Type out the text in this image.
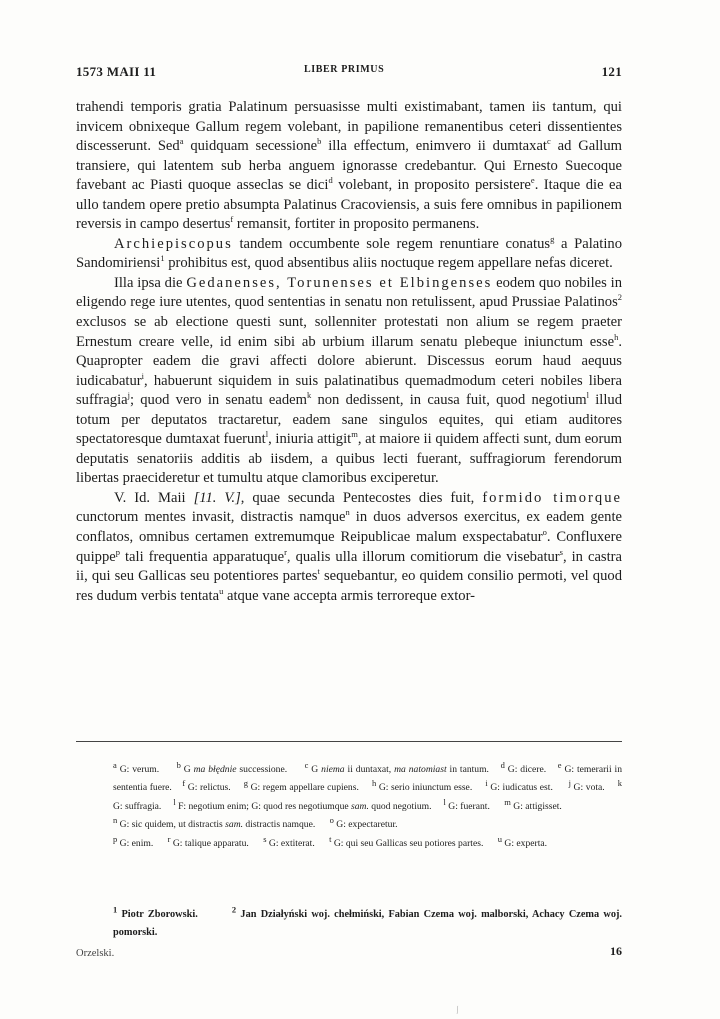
1573 MAII 11	LIBER PRIMUS	121

trahendi temporis gratia Palatinum persuasisse multi existimabant, tamen iis tantum, qui invicem obnixeque Gallum regem volebant, in papilione remanentibus ceteri dissentientes discesserunt. Sed$^a$ quidquam secessione$^b$ illa effectum, enimvero ii dumtaxat$^c$ ad Gallum transiere, qui latentem sub herba anguem ignorasse credebantur. Qui Ernesto Suecoque favebant ac Piasti quoque asseclas se dici$^d$ volebant, in proposito persistere$^e$. Itaque die ea ullo tandem opere pretio absumpta Palatinus Cracoviensis, a suis fere omnibus in papilionem reversis in campo desertus$^f$ remansit, fortiter in proposito permanens.

Archiepiscopus tandem occumbente sole regem renuntiare conatus$^g$ a Palatino Sandomiriensi$^1$ prohibitus est, quod absentibus aliis noctuque regem appellare nefas diceret.

Illa ipsa die Gedanenses, Torunenses et Elbingenses eodem quo nobiles in eligendo rege iure utentes, quod sententias in senatu non retulissent, apud Prussiae Palatinos$^2$ exclusos se ab electione questi sunt, sollenniter protestati non alium se regem praeter Ernestum creare velle, id enim sibi ab urbium illarum senatu plebeque iniunctum esse$^h$. Quapropter eadem die gravi affecti dolore abierunt. Discessus eorum haud aequus iudicabatur$^i$, habuerunt siquidem in suis palatinatibus quemadmodum ceteri nobiles libera suffragia$^j$; quod vero in senatu eadem$^k$ non dedissent, in causa fuit, quod negotium$^l$ illud totum per deputatos tractaretur, eadem sane singulos equites, qui etiam auditores spectatoresque dumtaxat fuerunt$^l$, iniuria attigit$^m$, at maiore ii quidem affecti sunt, dum eorum deputatis senatoriis additis ab iisdem, a quibus lecti fuerant, suffragiorum ferendorum libertas praecideretur et tumultu atque clamoribus exciperetur.

V. Id. Maii [11. V.], quae secunda Pentecostes dies fuit, formido timorque cunctorum mentes invasit, distractis namque$^n$ in duos adversos exercitus, ex eadem gente conflatos, omnibus certamen extremumque Reipublicae malum exspectabatur$^o$. Confluxere quippe$^p$ tali frequentia apparatuque$^r$, qualis ulla illorum comitiorum die visebatur$^s$, in castra ii, qui seu Gallicas seu potentiores partes$^t$ sequebantur, eo quidem consilio permoti, vel quod res dudum verbis tentata$^u$ atque vane accepta armis terroreque extor-

$^a$ G: verum. $^b$ G ma błędnie successione. $^c$ G niema ii duntaxat, ma natomiast in tantum. $^d$ G: dicere. $^e$ G: temerarii in sententia fuere. $^f$ G: relictus. $^g$ G: regem appellare cupiens. $^h$ G: serio iniunctum esse. $^i$ G: iudicatus est. $^j$ G: vota. $^k$ G: suffragia. $^l$ F: negotium enim; G: quod res negotiumque sam. quod negotium. $^l$ G: fuerant. $^m$ G: attigisset.
$^n$ G: sic quidem, ut distractis sam. distractis namque. $^o$ G: expectaretur.
$^p$ G: enim. $^r$ G: talique apparatu. $^s$ G: extiterat. $^t$ G: qui seu Gallicas seu potiores partes. $^u$ G: experta.
$^1$ Piotr Zborowski.	$^2$ Jan Działyński woj. chełmiński, Fabian Czema woj. malborski, Achacy Czema woj. pomorski.
Orzelski.	16
⁄
